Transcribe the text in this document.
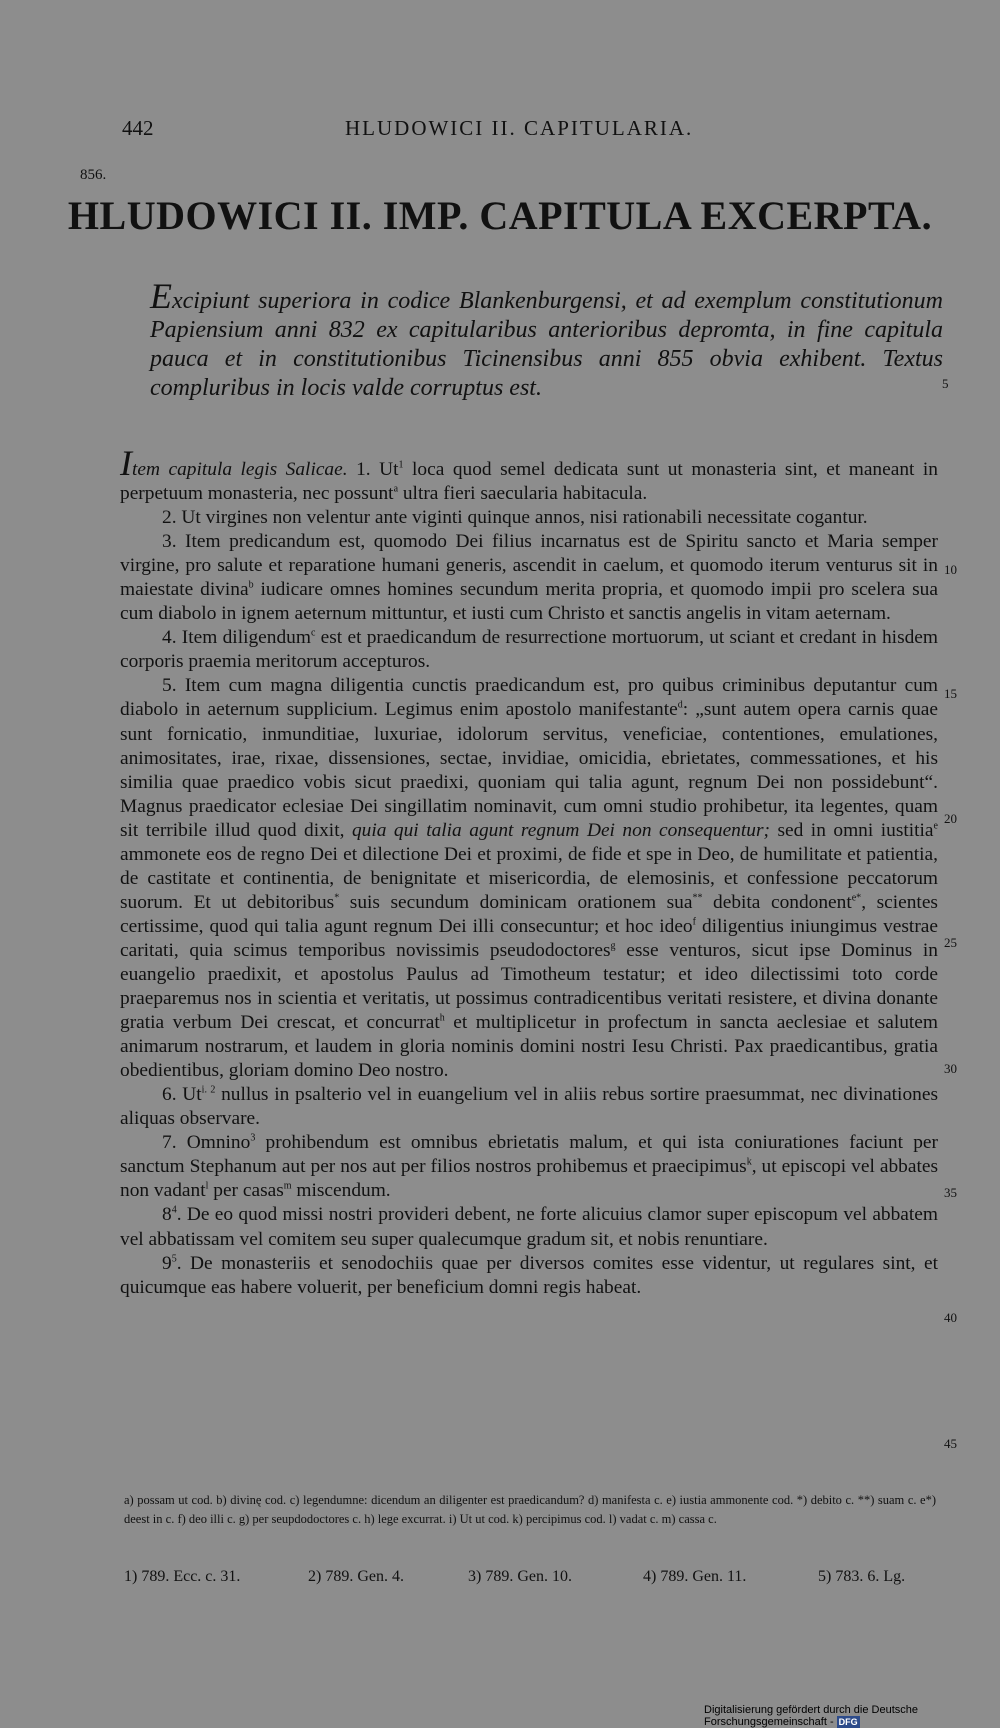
442	HLUDOWICI II. CAPITULARIA.
856.
HLUDOWICI II. IMP. CAPITULA EXCERPTA.
Excipiunt superiora in codice Blankenburgensi, et ad exemplum constitutionum Papiensium anni 832 ex capitularibus anterioribus depromta, in fine capitula pauca et in constitutionibus Ticinensibus anni 855 obvia exhibent. Textus compluribus in locis valde corruptus est.	5

Item capitula legis Salicae. 1. Ut$^1$ loca quod semel dedicata sunt ut monasteria sint, et maneant in perpetuum monasteria, nec possunt$^a$ ultra fieri saecularia habitacula.

2. Ut virgines non velentur ante viginti quinque annos, nisi rationabili necessitate cogantur.

3. Item predicandum est, quomodo Dei filius incarnatus est de Spiritu sancto et Maria semper virgine, pro salute et reparatione humani generis, ascendit in caelum, et quomodo iterum venturus sit in maiestate divina$^b$ iudicare omnes homines secundum merita propria, et quomodo impii pro scelera sua cum diabolo in ignem aeternum mittuntur, et iusti cum Christo et sanctis angelis in vitam aeternam.

4. Item diligendum$^c$ est et praedicandum de resurrectione mortuorum, ut sciant et credant in hisdem corporis praemia meritorum accepturos.

5. Item cum magna diligentia cunctis praedicandum est, pro quibus criminibus deputantur cum diabolo in aeternum supplicium. Legimus enim apostolo manifestante$^d$: „sunt autem opera carnis quae sunt fornicatio, inmunditiae, luxuriae, idolorum servitus, veneficiae, contentiones, emulationes, animositates, irae, rixae, dissensiones, sectae, invidiae, omicidia, ebrietates, commessationes, et his similia quae praedico vobis sicut praedixi, quoniam qui talia agunt, regnum Dei non possidebunt“. Magnus praedicator eclesiae Dei singillatim nominavit, cum omni studio prohibetur, ita legentes, quam sit terribile illud quod dixit, quia qui talia agunt regnum Dei non consequentur; sed in omni iustitia$^e$ ammonete eos de regno Dei et dilectione Dei et proximi, de fide et spe in Deo, de humilitate et patientia, de castitate et continentia, de benignitate et misericordia, de elemosinis, et confessione peccatorum suorum. Et ut debitoribus* suis secundum dominicam orationem sua** debita condonent$^{e*}$, scientes certissime, quod qui talia agunt regnum Dei illi consecuntur; et hoc ideo$^f$ diligentius iniungimus vestrae caritati, quia scimus temporibus novissimis pseudodoctores$^g$ esse venturos, sicut ipse Dominus in euangelio praedixit, et apostolus Paulus ad Timotheum testatur; et ideo dilectissimi toto corde praeparemus nos in scientia et veritatis, ut possimus contradicentibus veritati resistere, et divina donante gratia verbum Dei crescat, et concurrat$^h$ et multiplicetur in profectum in sancta aeclesiae et salutem animarum nostrarum, et laudem in gloria nominis domini nostri Iesu Christi. Pax praedicantibus, gratia obedientibus, gloriam domino Deo nostro.

6. $Ut^{i. 2}$ nullus in psalterio vel in euangelium vel in aliis rebus sortire praesummat, nec divinationes aliquas observare.

7. Omnino$^3$ prohibendum est omnibus ebrietatis malum, et qui ista coniurationes faciunt per sanctum Stephanum aut per nos aut per filios nostros prohibemus et praecipimus$^k$, ut episcopi vel abbates non vadant$^l$ per casas$^m$ miscendum.

$8^4$. De eo quod missi nostri provideri debent, ne forte alicuius clamor super episcopum vel abbatem vel abbatissam vel comitem seu super qualecumque gradum sit, et nobis renuntiare.

$9^5$. De monasteriis et senodochiis quae per diversos comites esse videntur, ut regulares sint, et quicumque eas habere voluerit, per beneficium domni regis habeat.

10
15
20
25
30
35
40
45
a) possam ut cod. b) divinę cod. c) legendumne: dicendum an diligenter est praedicandum? d) manifesta c. e) iustia ammonente cod. *) debito c. **) suam c. e*) deest in c. f) deo illi c. g) per seupdodoctores c. h) lege excurrat. i) Ut ut cod. k) percipimus cod. l) vadat c. m) cassa c.
1) 789. Ecc. c. 31.	2) 789. Gen. 4.	3) 789. Gen. 10.	4) 789. Gen. 11.	5) 783. 6. Lg.
Digitalisierung gefördert durch die Deutsche Forschungsgemeinschaft - DFG
